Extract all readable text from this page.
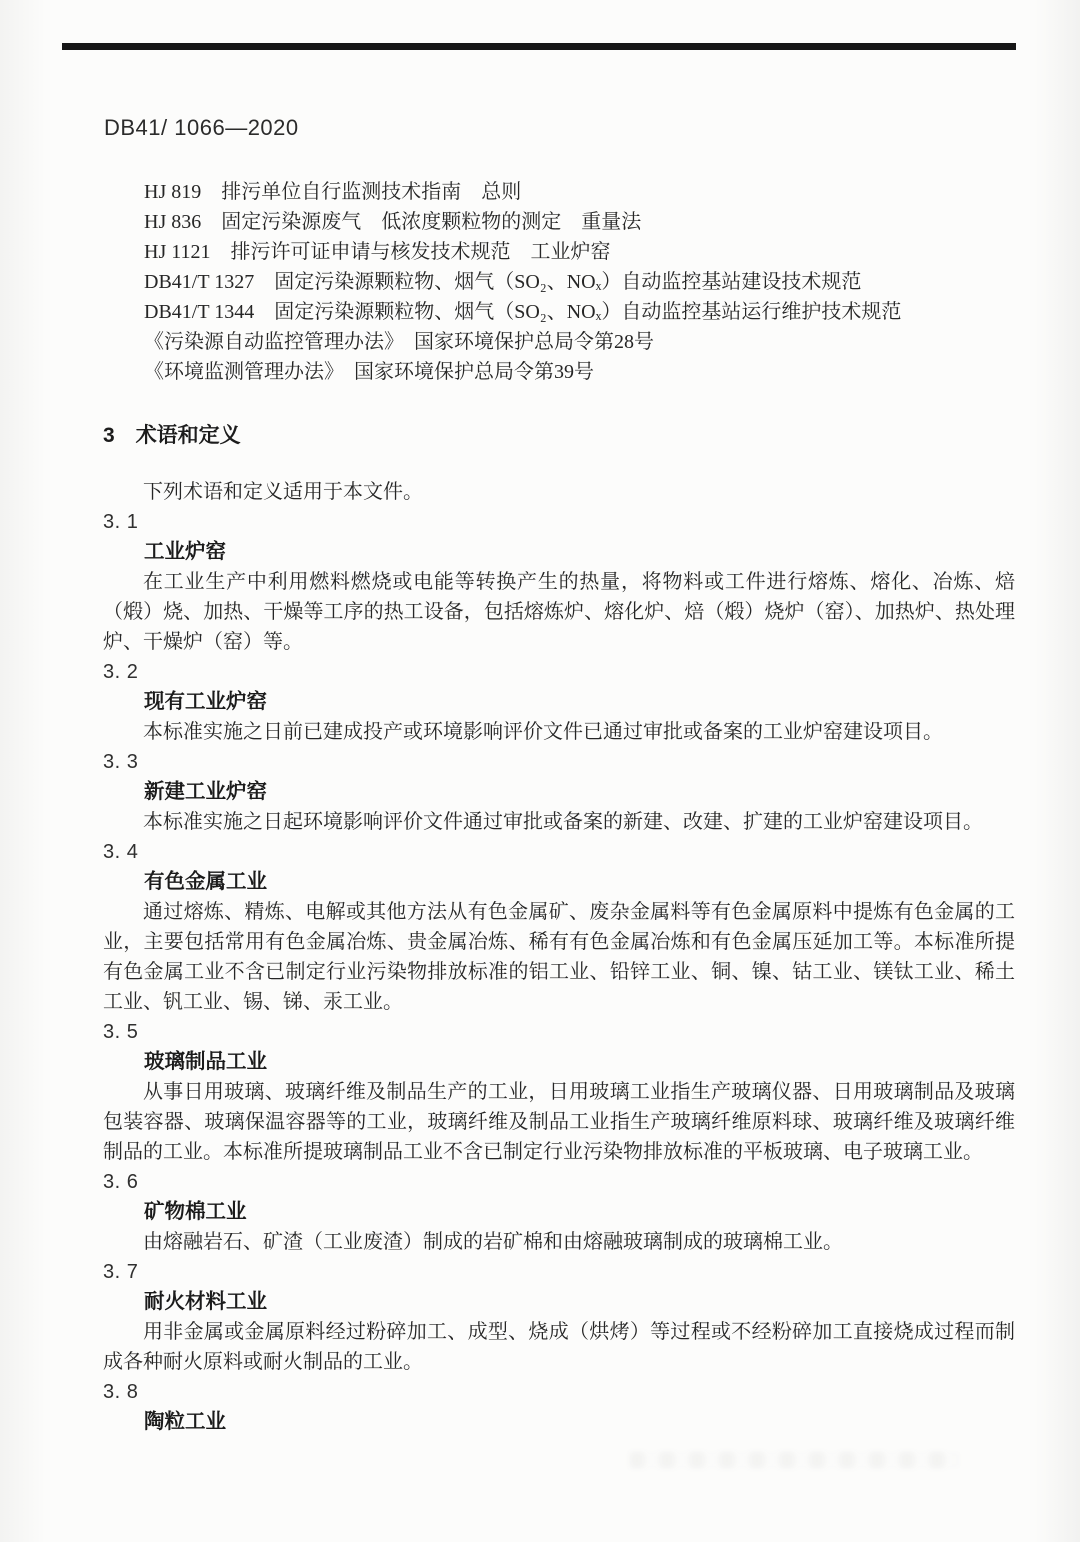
DB41/ 1066—2020
HJ 819　排污单位自行监测技术指南　总则
HJ 836　固定污染源废气　低浓度颗粒物的测定　重量法
HJ 1121　排污许可证申请与核发技术规范　工业炉窑
DB41/T 1327　固定污染源颗粒物、烟气（SO₂、NOₓ）自动监控基站建设技术规范
DB41/T 1344　固定污染源颗粒物、烟气（SO₂、NOₓ）自动监控基站运行维护技术规范
《污染源自动监控管理办法》　国家环境保护总局令第28号
《环境监测管理办法》　国家环境保护总局令第39号
3 术语和定义

下列术语和定义适用于本文件。

3. 1
工业炉窑

在工业生产中利用燃料燃烧或电能等转换产生的热量，将物料或工件进行熔炼、熔化、冶炼、焙（煅）烧、加热、干燥等工序的热工设备，包括熔炼炉、熔化炉、焙（煅）烧炉（窑）、加热炉、热处理炉、干燥炉（窑）等。

3. 2
现有工业炉窑

本标准实施之日前已建成投产或环境影响评价文件已通过审批或备案的工业炉窑建设项目。

3. 3
新建工业炉窑

本标准实施之日起环境影响评价文件通过审批或备案的新建、改建、扩建的工业炉窑建设项目。

3. 4
有色金属工业

通过熔炼、精炼、电解或其他方法从有色金属矿、废杂金属料等有色金属原料中提炼有色金属的工业，主要包括常用有色金属冶炼、贵金属冶炼、稀有有色金属冶炼和有色金属压延加工等。本标准所提有色金属工业不含已制定行业污染物排放标准的铝工业、铅锌工业、铜、镍、钴工业、镁钛工业、稀土工业、钒工业、锡、锑、汞工业。

3. 5
玻璃制品工业

从事日用玻璃、玻璃纤维及制品生产的工业，日用玻璃工业指生产玻璃仪器、日用玻璃制品及玻璃包装容器、玻璃保温容器等的工业，玻璃纤维及制品工业指生产玻璃纤维原料球、玻璃纤维及玻璃纤维制品的工业。本标准所提玻璃制品工业不含已制定行业污染物排放标准的平板玻璃、电子玻璃工业。

3. 6
矿物棉工业

由熔融岩石、矿渣（工业废渣）制成的岩矿棉和由熔融玻璃制成的玻璃棉工业。

3. 7
耐火材料工业

用非金属或金属原料经过粉碎加工、成型、烧成（烘烤）等过程或不经粉碎加工直接烧成过程而制成各种耐火原料或耐火制品的工业。

3. 8
陶粒工业
